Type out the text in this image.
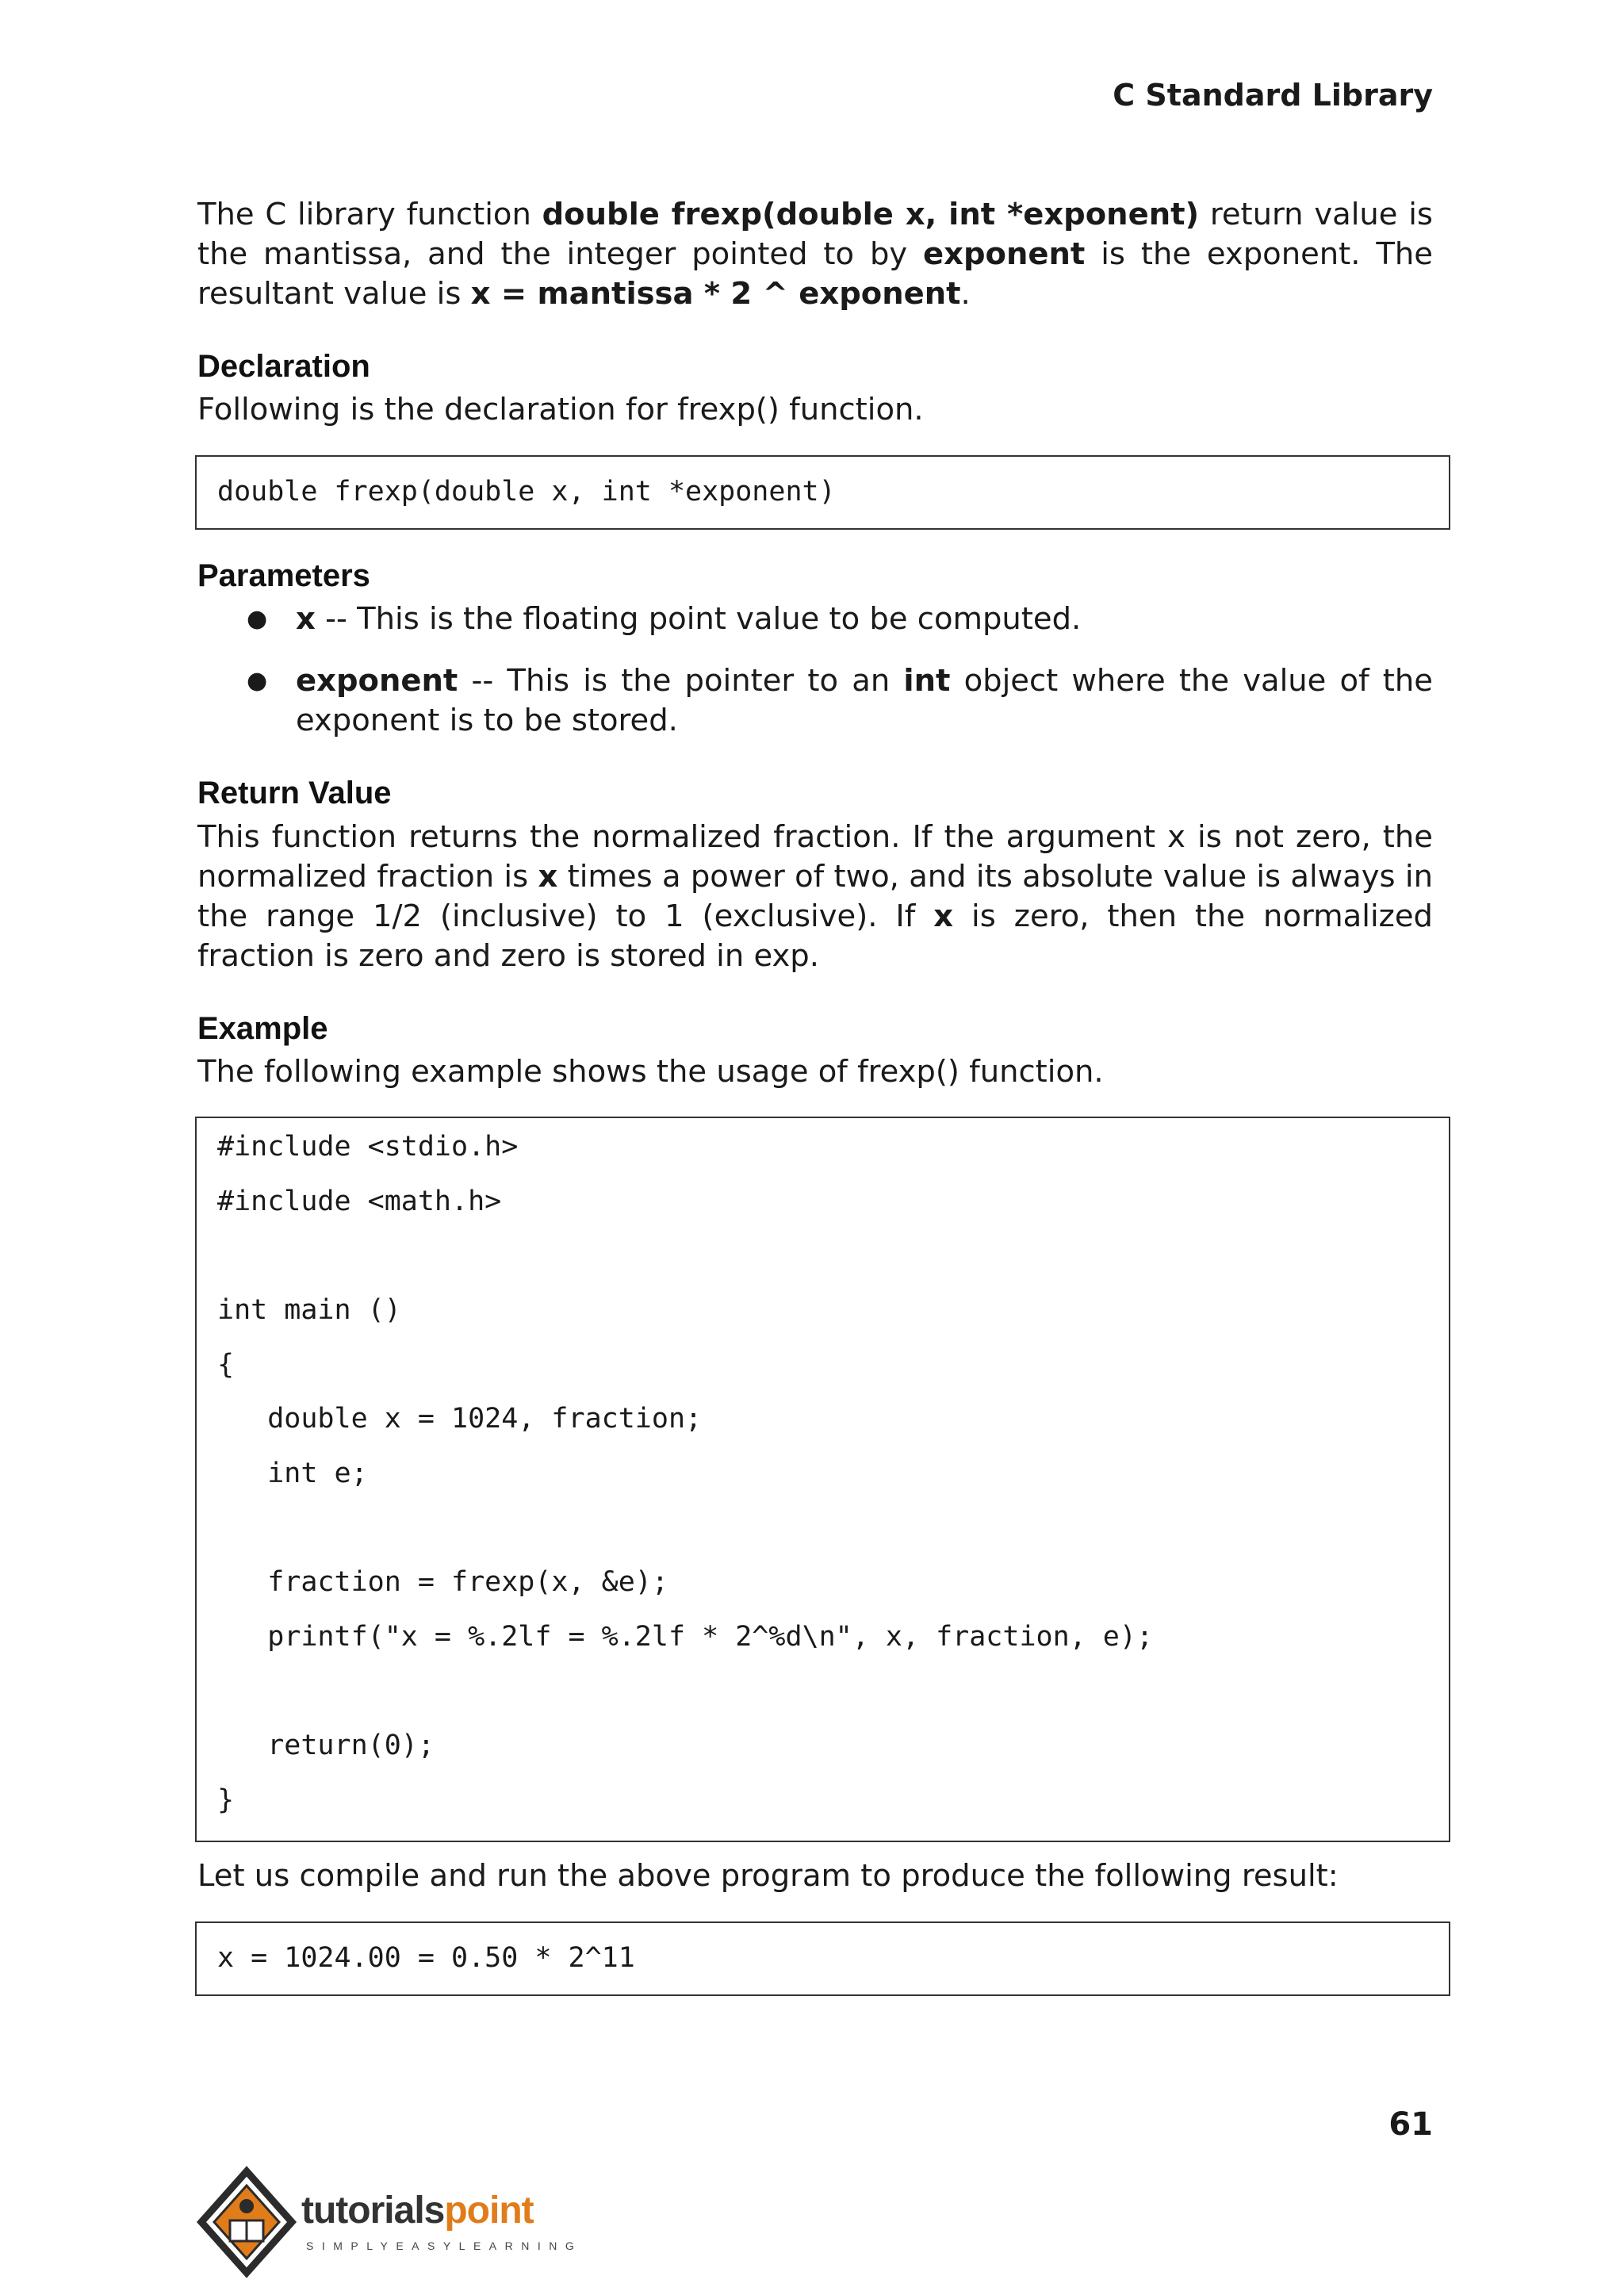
C Standard Library

The C library function double frexp(double x, int *exponent) return value is the mantissa, and the integer pointed to by exponent is the exponent. The resultant value is x = mantissa * 2 ^ exponent.

Declaration

Following is the declaration for frexp() function.

double frexp(double x, int *exponent)
Parameters
● x -- This is the floating point value to be computed.
● exponent -- This is the pointer to an int object where the value of the exponent is to be stored.
Return Value

This function returns the normalized fraction. If the argument x is not zero, the normalized fraction is x times a power of two, and its absolute value is always in the range 1/2 (inclusive) to 1 (exclusive). If x is zero, then the normalized fraction is zero and zero is stored in exp.

Example

The following example shows the usage of frexp() function.

#include <stdio.h>
#include <math.h>
int main ()
{
double x = 1024, fraction;
int e;
fraction = frexp(x, &e);
printf("x = %.2lf = %.2lf * 2^%d\n", x, fraction, e);
return(0);
}

Let us compile and run the above program to produce the following result:

x = 1024.00 = 0.50 * 2^11
61
tutorialspoint
SIMPLYEASYLEARNING
